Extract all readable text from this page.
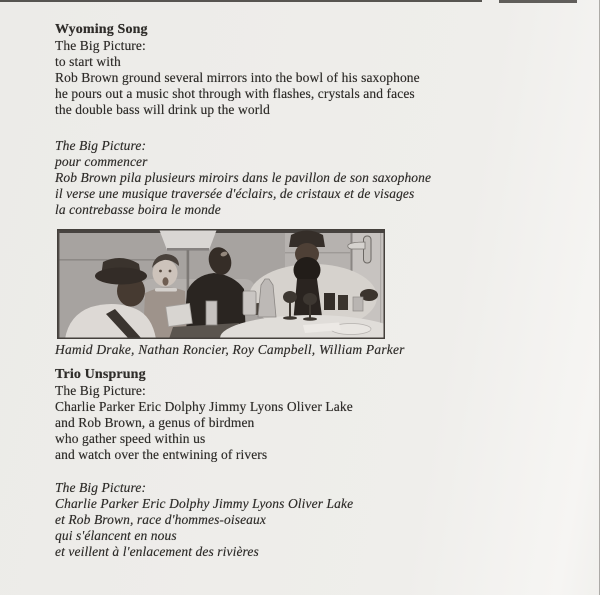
Wyoming Song
The Big Picture:
to start with
Rob Brown ground several mirrors into the bowl of his saxophone
he pours out a music shot through with flashes, crystals and faces
the double bass will drink up the world
The Big Picture:
pour commencer
Rob Brown pila plusieurs miroirs dans le pavillon de son saxophone
il verse une musique traversée d'éclairs, de cristaux et de visages
la contrebasse boira le monde
Hamid Drake, Nathan Roncier, Roy Campbell, William Parker
Trio Unsprung
The Big Picture:
Charlie Parker Eric Dolphy Jimmy Lyons Oliver Lake
and Rob Brown, a genus of birdmen
who gather speed within us
and watch over the entwining of rivers
The Big Picture:
Charlie Parker Eric Dolphy Jimmy Lyons Oliver Lake
et Rob Brown, race d'hommes-oiseaux
qui s'élancent en nous
et veillent à l'enlacement des rivières
